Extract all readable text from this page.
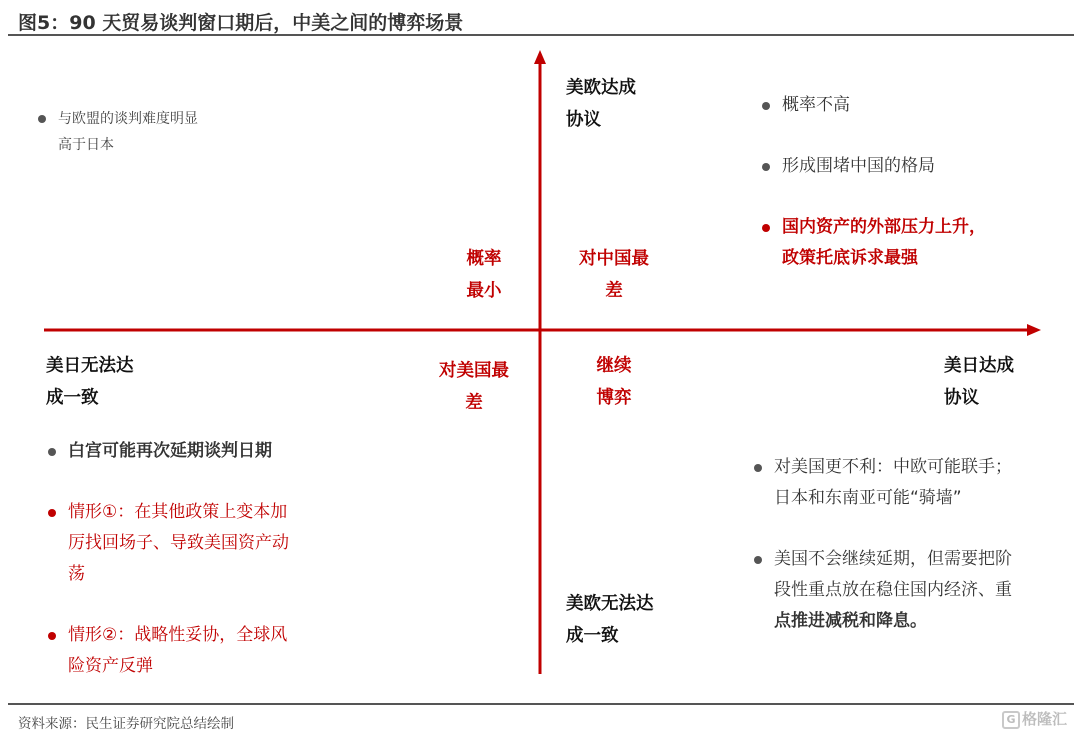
图5：90 天贸易谈判窗口期后，中美之间的博弈场景
美欧达成
协议
美欧无法达
成一致
美日无法达
成一致
美日达成
协议
概率
最小
对中国最
差
对美国最
差
继续
博弈
与欧盟的谈判难度明显
高于日本
概率不高
形成围堵中国的格局
国内资产的外部压力上升，
政策托底诉求最强
白宫可能再次延期谈判日期
情形①：在其他政策上变本加
厉找回场子、导致美国资产动
荡
情形②：战略性妥协，全球风
险资产反弹
对美国更不利：中欧可能联手；
日本和东南亚可能“骑墙”
美国不会继续延期，但需要把阶
段性重点放在稳住国内经济、重
点推进减税和降息。
资料来源：民生证券研究院总结绘制	G 格隆汇
